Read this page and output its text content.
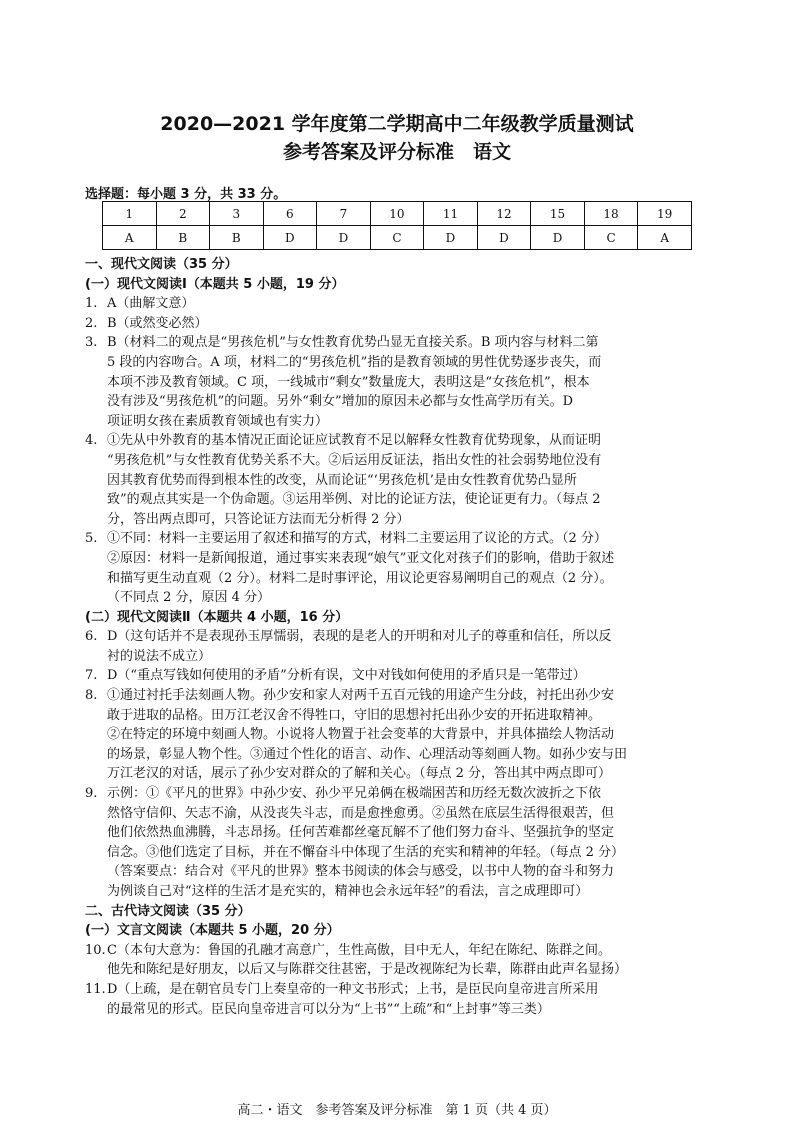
2020—2021 学年度第二学期高中二年级教学质量测试
参考答案及评分标准　语文
选择题：每小题 3 分，共 33 分。
1	2	3	6	7	10	11	12	15	18	19
A	B	B	D	D	C	D	D	D	C	A
一、现代文阅读（35 分）
(一）现代文阅读Ⅰ（本题共 5 小题，19 分）
1. A（曲解文意）
2. B（或然变必然）
3. B（材料二的观点是“男孩危机”与女性教育优势凸显无直接关系。B 项内容与材料二第
5 段的内容吻合。A 项，材料二的“男孩危机”指的是教育领域的男性优势逐步丧失，而
本项不涉及教育领域。C 项，一线城市“剩女”数量庞大，表明这是“女孩危机”，根本
没有涉及“男孩危机”的问题。另外“剩女”增加的原因未必都与女性高学历有关。D
项证明女孩在素质教育领域也有实力）
4. ①先从中外教育的基本情况正面论证应试教育不足以解释女性教育优势现象，从而证明
“男孩危机”与女性教育优势关系不大。②后运用反证法，指出女性的社会弱势地位没有
因其教育优势而得到根本性的改变，从而论证“‘男孩危机’是由女性教育优势凸显所
致”的观点其实是一个伪命题。③运用举例、对比的论证方法，使论证更有力。（每点 2
分，答出两点即可，只答论证方法而无分析得 2 分）
5. ①不同：材料一主要运用了叙述和描写的方式，材料二主要运用了议论的方式。（2 分）
②原因：材料一是新闻报道，通过事实来表现“娘气”亚文化对孩子们的影响，借助于叙述
和描写更生动直观（2 分）。材料二是时事评论，用议论更容易阐明自己的观点（2 分）。
（不同点 2 分，原因 4 分）
(二）现代文阅读Ⅱ（本题共 4 小题，16 分）
6. D（这句话并不是表现孙玉厚懦弱，表现的是老人的开明和对儿子的尊重和信任，所以反
衬的说法不成立）
7. D（“重点写钱如何使用的矛盾”分析有误，文中对钱如何使用的矛盾只是一笔带过）
8. ①通过衬托手法刻画人物。孙少安和家人对两千五百元钱的用途产生分歧，衬托出孙少安
敢于进取的品格。田万江老汉舍不得牲口，守旧的思想衬托出孙少安的开拓进取精神。
②在特定的环境中刻画人物。小说将人物置于社会变革的大背景中，并具体描绘人物活动
的场景，彰显人物个性。③通过个性化的语言、动作、心理活动等刻画人物。如孙少安与田
万江老汉的对话，展示了孙少安对群众的了解和关心。（每点 2 分，答出其中两点即可）
9. 示例：①《平凡的世界》中孙少安、孙少平兄弟俩在极端困苦和历经无数次波折之下依
然恪守信仰、矢志不渝，从没丧失斗志，而是愈挫愈勇。②虽然在底层生活得很艰苦，但
他们依然热血沸腾，斗志昂扬。任何苦难都丝毫瓦解不了他们努力奋斗、坚强抗争的坚定
信念。③他们选定了目标，并在不懈奋斗中体现了生活的充实和精神的年轻。（每点 2 分）
（答案要点：结合对《平凡的世界》整本书阅读的体会与感受，以书中人物的奋斗和努力
为例谈自己对“这样的生活才是充实的，精神也会永远年轻”的看法，言之成理即可）
二、古代诗文阅读（35 分）
(一）文言文阅读（本题共 5 小题，20 分）
10. C（本句大意为：鲁国的孔融才高意广，生性高傲，目中无人，年纪在陈纪、陈群之间。
他先和陈纪是好朋友，以后又与陈群交往甚密，于是改视陈纪为长辈，陈群由此声名显扬）
11. D（上疏，是在朝官员专门上奏皇帝的一种文书形式；上书，是臣民向皇帝进言所采用
的最常见的形式。臣民向皇帝进言可以分为“上书”“上疏”和“上封事”等三类）
高二・语文　参考答案及评分标准　第 1 页（共 4 页）
